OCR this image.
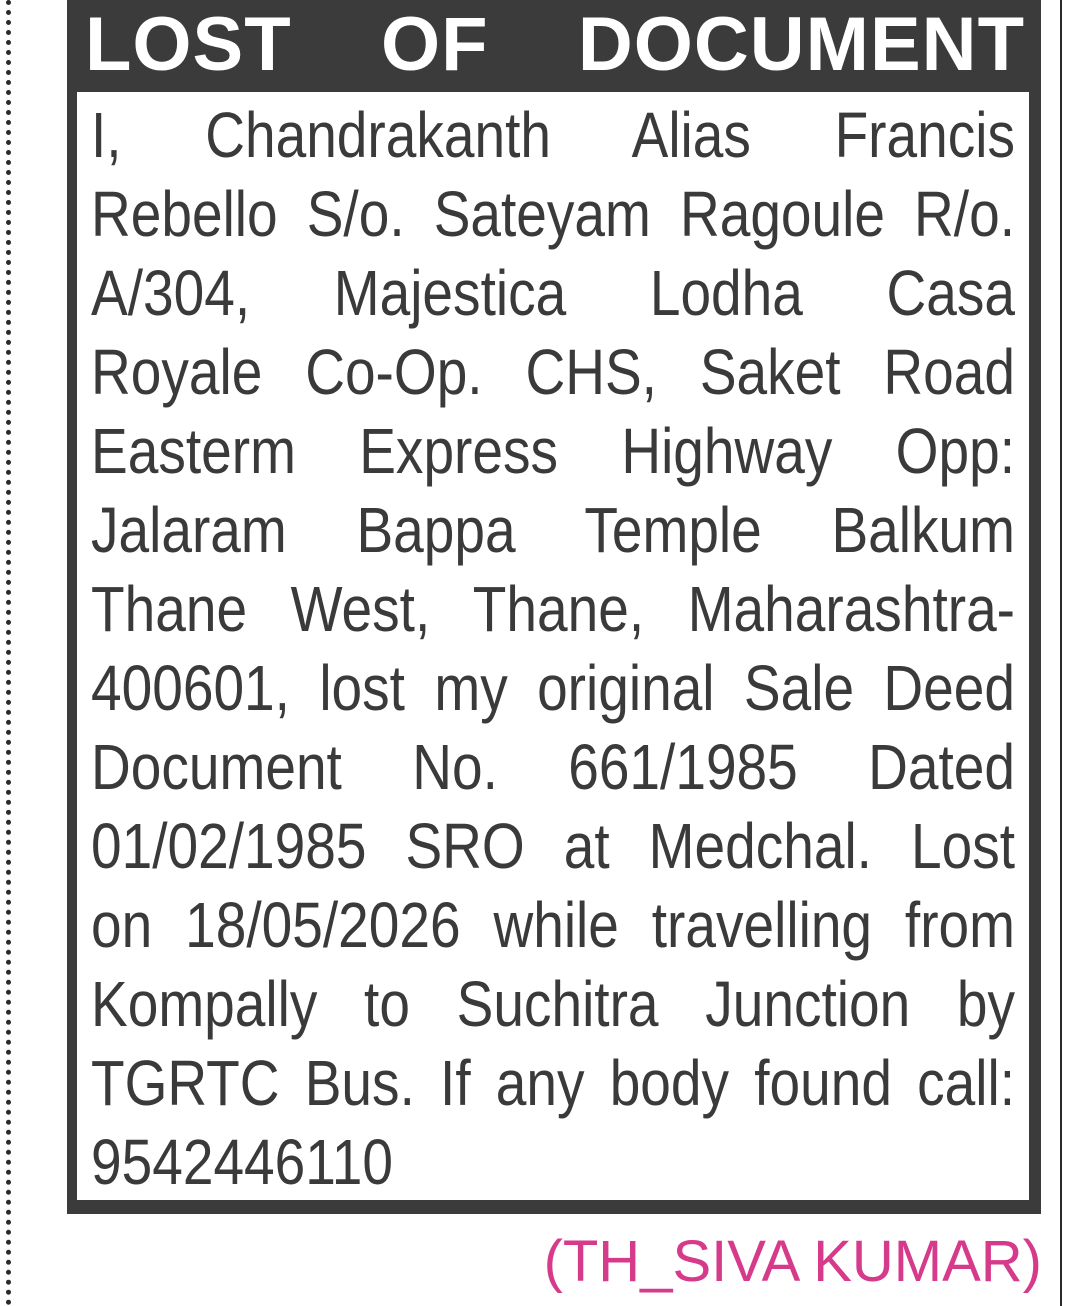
LOST OF DOCUMENT
I, Chandrakanth Alias Francis
Rebello S/o. Sateyam Ragoule R/o.
A/304, Majestica Lodha Casa
Royale Co-Op. CHS, Saket Road
Easterm Express Highway Opp:
Jalaram Bappa Temple Balkum
Thane West, Thane, Maharashtra-
400601, lost my original Sale Deed
Document No. 661/1985 Dated
01/02/1985 SRO at Medchal. Lost
on 18/05/2026 while travelling from
Kompally to Suchitra Junction by
TGRTC Bus. If any body found call:
9542446110
(TH_SIVA KUMAR)
